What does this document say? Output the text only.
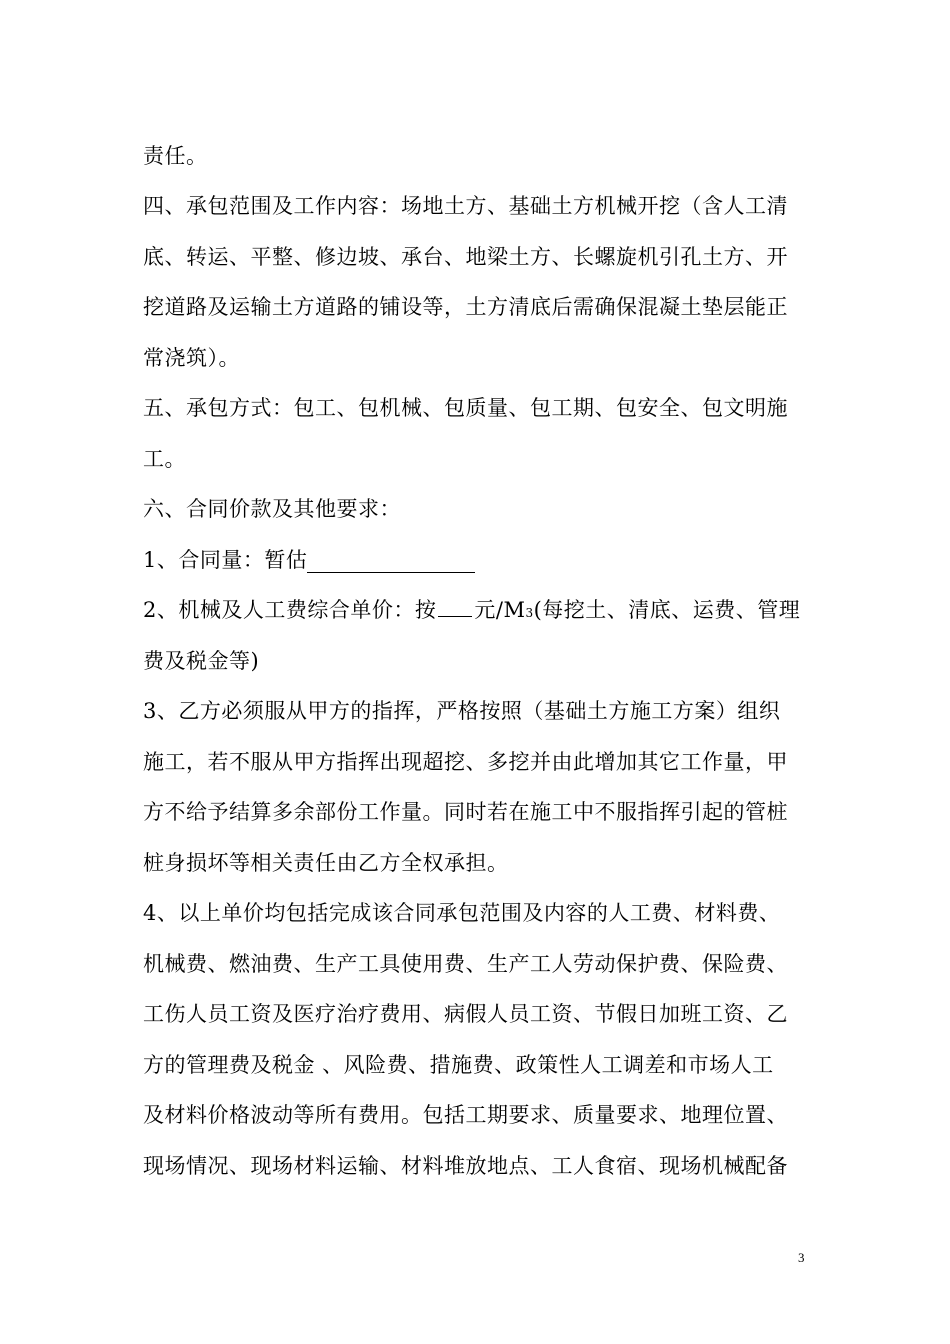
责任。
四、承包范围及工作内容：场地土方、基础土方机械开挖（含人工清
底、转运、平整、修边坡、承台、地梁土方、长螺旋机引孔土方、开
挖道路及运输土方道路的铺设等，土方清底后需确保混凝土垫层能正
常浇筑）。
五、承包方式：包工、包机械、包质量、包工期、包安全、包文明施
工。
六、合同价款及其他要求：
1、合同量：暂估
2、机械及人工费综合单价：按 元/M3(每挖土、清底、运费、管理
费及税金等)
3、乙方必须服从甲方的指挥，严格按照（基础土方施工方案）组织
施工，若不服从甲方指挥出现超挖、多挖并由此增加其它工作量，甲
方不给予结算多余部份工作量。同时若在施工中不服指挥引起的管桩
桩身损坏等相关责任由乙方全权承担。
4、以上单价均包括完成该合同承包范围及内容的人工费、材料费、
机械费、燃油费、生产工具使用费、生产工人劳动保护费、保险费、
工伤人员工资及医疗治疗费用、病假人员工资、节假日加班工资、乙
方的管理费及税金 、风险费、措施费、政策性人工调差和市场人工
及材料价格波动等所有费用。包括工期要求、质量要求、地理位置、
现场情况、现场材料运输、材料堆放地点、工人食宿、现场机械配备
3
